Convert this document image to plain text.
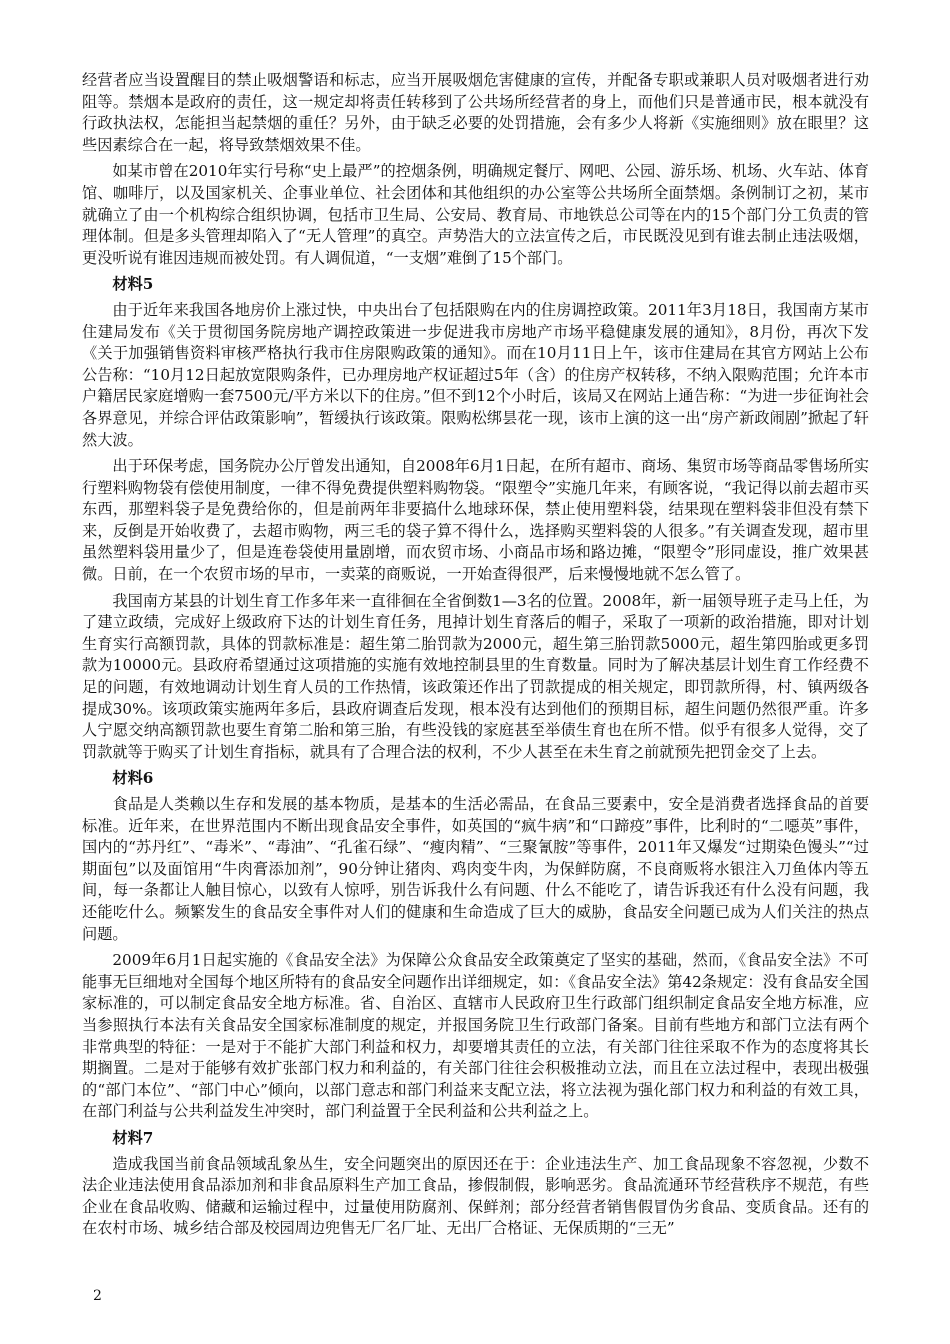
经营者应当设置醒目的禁止吸烟警语和标志，应当开展吸烟危害健康的宣传，并配备专职或兼职人员对吸烟者进行劝阻等。禁烟本是政府的责任，这一规定却将责任转移到了公共场所经营者的身上，而他们只是普通市民，根本就没有行政执法权，怎能担当起禁烟的重任？另外，由于缺乏必要的处罚措施，会有多少人将新《实施细则》放在眼里？这些因素综合在一起，将导致禁烟效果不佳。

如某市曾在2010年实行号称“史上最严”的控烟条例，明确规定餐厅、网吧、公园、游乐场、机场、火车站、体育馆、咖啡厅，以及国家机关、企事业单位、社会团体和其他组织的办公室等公共场所全面禁烟。条例制订之初，某市就确立了由一个机构综合组织协调，包括市卫生局、公安局、教育局、市地铁总公司等在内的15个部门分工负责的管理体制。但是多头管理却陷入了“无人管理”的真空。声势浩大的立法宣传之后，市民既没见到有谁去制止违法吸烟，更没听说有谁因违规而被处罚。有人调侃道，“一支烟”难倒了15个部门。

材料5

由于近年来我国各地房价上涨过快，中央出台了包括限购在内的住房调控政策。2011年3月18日，我国南方某市住建局发布《关于贯彻国务院房地产调控政策进一步促进我市房地产市场平稳健康发展的通知》，8月份，再次下发《关于加强销售资料审核严格执行我市住房限购政策的通知》。而在10月11日上午，该市住建局在其官方网站上公布公告称：“10月12日起放宽限购条件，已办理房地产权证超过5年（含）的住房产权转移，不纳入限购范围；允许本市户籍居民家庭增购一套7500元/平方米以下的住房。”但不到12个小时后，该局又在网站上通告称：“为进一步征询社会各界意见，并综合评估政策影响”，暂缓执行该政策。限购松绑昙花一现，该市上演的这一出“房产新政闹剧”掀起了轩然大波。

出于环保考虑，国务院办公厅曾发出通知，自2008年6月1日起，在所有超市、商场、集贸市场等商品零售场所实行塑料购物袋有偿使用制度，一律不得免费提供塑料购物袋。“限塑令”实施几年来，有顾客说，“我记得以前去超市买东西，那塑料袋子是免费给你的，但是前两年非要搞什么地球环保，禁止使用塑料袋，结果现在塑料袋非但没有禁下来，反倒是开始收费了，去超市购物，两三毛的袋子算不得什么，选择购买塑料袋的人很多。”有关调查发现，超市里虽然塑料袋用量少了，但是连卷袋使用量剧增，而农贸市场、小商品市场和路边摊，“限塑令”形同虚设，推广效果甚微。日前，在一个农贸市场的早市，一卖菜的商贩说，一开始查得很严，后来慢慢地就不怎么管了。

我国南方某县的计划生育工作多年来一直徘徊在全省倒数1—3名的位置。2008年，新一届领导班子走马上任，为了建立政绩，完成好上级政府下达的计划生育任务，甩掉计划生育落后的帽子，采取了一项新的政治措施，即对计划生育实行高额罚款，具体的罚款标准是：超生第二胎罚款为2000元，超生第三胎罚款5000元，超生第四胎或更多罚款为10000元。县政府希望通过这项措施的实施有效地控制县里的生育数量。同时为了解决基层计划生育工作经费不足的问题，有效地调动计划生育人员的工作热情，该政策还作出了罚款提成的相关规定，即罚款所得，村、镇两级各提成30%。该项政策实施两年多后，县政府调查后发现，根本没有达到他们的预期目标，超生问题仍然很严重。许多人宁愿交纳高额罚款也要生育第二胎和第三胎，有些没钱的家庭甚至举债生育也在所不惜。似乎有很多人觉得，交了罚款就等于购买了计划生育指标，就具有了合理合法的权利，不少人甚至在未生育之前就预先把罚金交了上去。

材料6

食品是人类赖以生存和发展的基本物质，是基本的生活必需品，在食品三要素中，安全是消费者选择食品的首要标准。近年来，在世界范围内不断出现食品安全事件，如英国的“疯牛病”和“口蹄疫”事件，比利时的“二噁英”事件，国内的“苏丹红”、“毒米”、“毒油”、“孔雀石绿”、“瘦肉精”、“三聚氰胺”等事件，2011年又爆发“过期染色馒头”“过期面包”以及面馆用“牛肉膏添加剂”，90分钟让猪肉、鸡肉变牛肉，为保鲜防腐，不良商贩将水银注入刀鱼体内等五间，每一条都让人触目惊心，以致有人惊呼，别告诉我什么有问题、什么不能吃了，请告诉我还有什么没有问题，我还能吃什么。频繁发生的食品安全事件对人们的健康和生命造成了巨大的威胁，食品安全问题已成为人们关注的热点问题。

2009年6月1日起实施的《食品安全法》为保障公众食品安全政策奠定了坚实的基础，然而，《食品安全法》不可能事无巨细地对全国每个地区所特有的食品安全问题作出详细规定，如：《食品安全法》第42条规定：没有食品安全国家标准的，可以制定食品安全地方标准。省、自治区、直辖市人民政府卫生行政部门组织制定食品安全地方标准，应当参照执行本法有关食品安全国家标准制度的规定，并报国务院卫生行政部门备案。目前有些地方和部门立法有两个非常典型的特征：一是对于不能扩大部门利益和权力，却要增其责任的立法，有关部门往往采取不作为的态度将其长期搁置。二是对于能够有效扩张部门权力和利益的，有关部门往往会积极推动立法，而且在立法过程中，表现出极强的“部门本位”、“部门中心”倾向，以部门意志和部门利益来支配立法，将立法视为强化部门权力和利益的有效工具，在部门利益与公共利益发生冲突时，部门利益置于全民利益和公共利益之上。

材料7

造成我国当前食品领域乱象丛生，安全问题突出的原因还在于：企业违法生产、加工食品现象不容忽视，少数不法企业违法使用食品添加剂和非食品原料生产加工食品，掺假制假，影响恶劣。食品流通环节经营秩序不规范，有些企业在食品收购、储藏和运输过程中，过量使用防腐剂、保鲜剂；部分经营者销售假冒伪劣食品、变质食品。还有的在农村市场、城乡结合部及校园周边兜售无厂名厂址、无出厂合格证、无保质期的“三无”

2
